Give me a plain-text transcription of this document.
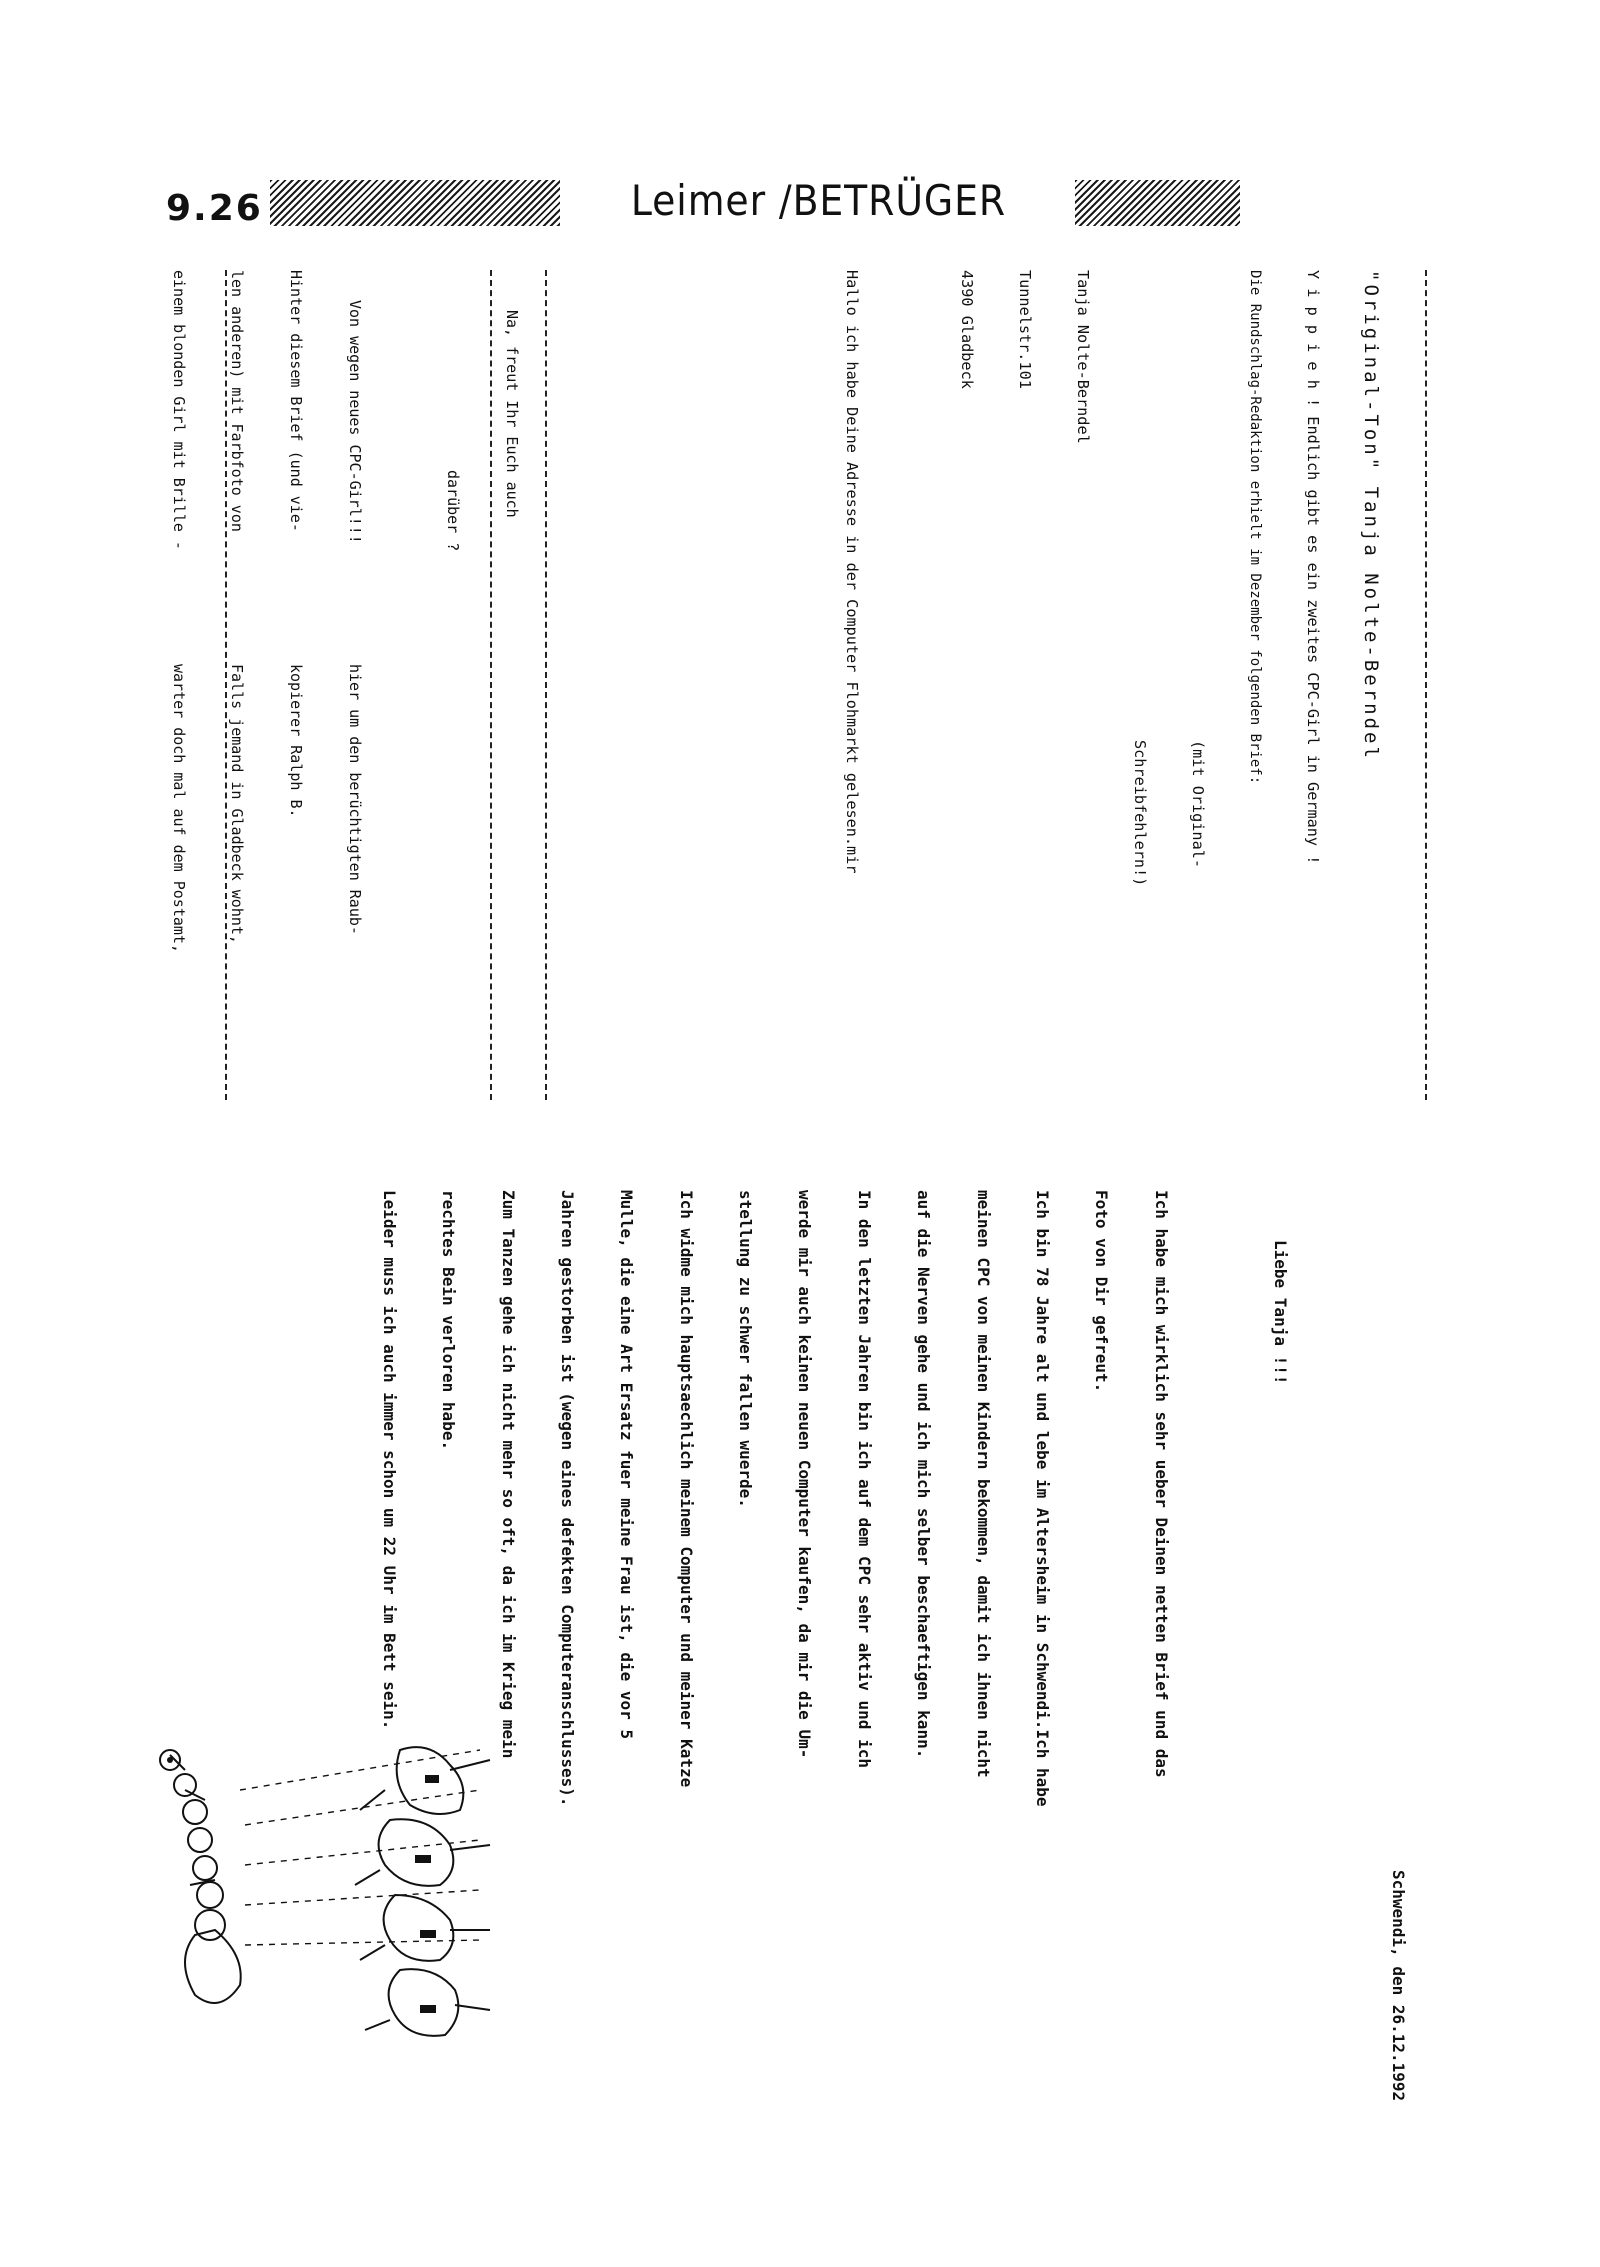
9.26	Leimer /BETRÜGER

"Original-Ton" Tanja Nolte-Berndel

Y i p p i e h ! Endlich gibt es ein zweites CPC-Girl in Germany !

Die Rundschlag-Redaktion erhielt im Dezember folgenden Brief:

(mit Original-

Schreibfehlern!)

Tanja Nolte-Berndel

Tunnelstr.101

4390 Gladbeck

Hallo ich habe Deine Adresse in der Computer Flohmarkt gelesen.mir

Na, freut Ihr Euch auch

darüber ?

Von wegen neues CPC-Girl!!!

Hinter diesem Brief (und vie-

len anderen) mit Farbfoto von

einem blonden Girl mit Brille -

hier um den berüchtigten Raub-

kopierer Ralph B.

Falls jemand in Gladbeck wohnt,

warter doch mal auf dem Postamt,

Schwendi, den 26.12.1992

Liebe Tanja !!!

Ich habe mich wirklich sehr ueber Deinen netten Brief und das

Foto von Dir gefreut.

Ich bin 78 Jahre alt und lebe im Altersheim in Schwendi.Ich habe

meinen CPC von meinen Kindern bekommen, damit ich ihnen nicht

auf die Nerven gehe und ich mich selber beschaeftigen kann.

In den letzten Jahren bin ich auf dem CPC sehr aktiv und ich

werde mir auch keinen neuen Computer kaufen, da mir die Um-

stellung zu schwer fallen wuerde.

Ich widme mich hauptsaechlich meinem Computer und meiner Katze

Mulle, die eine Art Ersatz fuer meine Frau ist, die vor 5

Jahren gestorben ist (wegen eines defekten Computeranschlusses).

Zum Tanzen gehe ich nicht mehr so oft, da ich im Krieg mein

rechtes Bein verloren habe.

Leider muss ich auch immer schon um 22 Uhr im Bett sein.
